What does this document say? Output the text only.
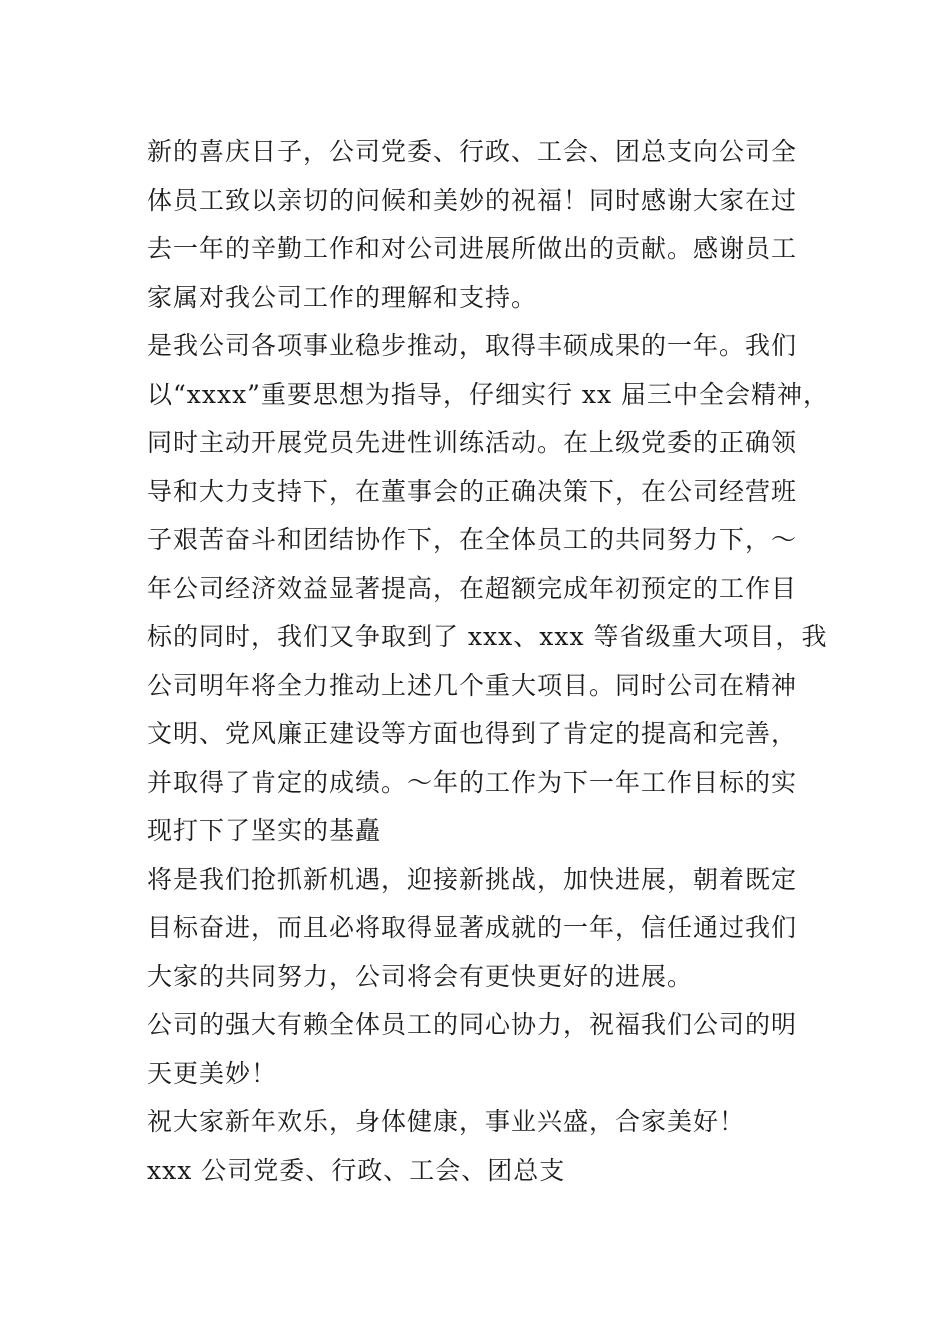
新的喜庆日子，公司党委、行政、工会、团总支向公司全
体员工致以亲切的问候和美妙的祝福！同时感谢大家在过
去一年的辛勤工作和对公司进展所做出的贡献。感谢员工
家属对我公司工作的理解和支持。
是我公司各项事业稳步推动，取得丰硕成果的一年。我们
以“xxxx”重要思想为指导，仔细实行 xx 届三中全会精神，
同时主动开展党员先进性训练活动。在上级党委的正确领
导和大力支持下，在董事会的正确决策下，在公司经营班
子艰苦奋斗和团结协作下，在全体员工的共同努力下，～
年公司经济效益显著提高，在超额完成年初预定的工作目
标的同时，我们又争取到了 xxx、xxx 等省级重大项目，我
公司明年将全力推动上述几个重大项目。同时公司在精神
文明、党风廉正建设等方面也得到了肯定的提高和完善，
并取得了肯定的成绩。～年的工作为下一年工作目标的实
现打下了坚实的基矗
将是我们抢抓新机遇，迎接新挑战，加快进展，朝着既定
目标奋进，而且必将取得显著成就的一年，信任通过我们
大家的共同努力，公司将会有更快更好的进展。
公司的强大有赖全体员工的同心协力，祝福我们公司的明
天更美妙！
祝大家新年欢乐，身体健康，事业兴盛，合家美好！
xxx 公司党委、行政、工会、团总支
